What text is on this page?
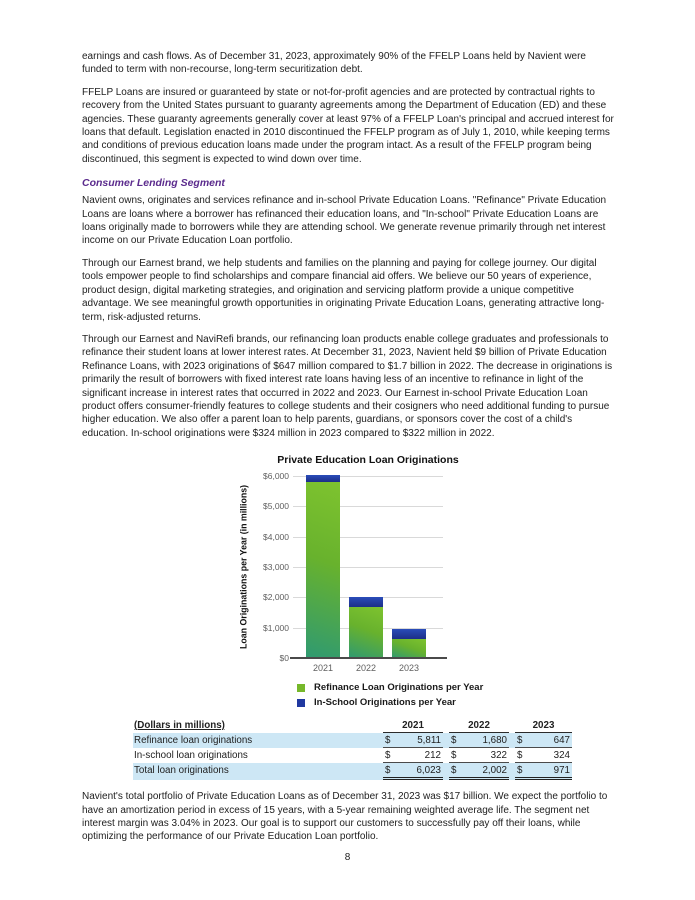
earnings and cash flows. As of December 31, 2023, approximately 90% of the FFELP Loans held by Navient were funded to term with non-recourse, long-term securitization debt.

FFELP Loans are insured or guaranteed by state or not-for-profit agencies and are protected by contractual rights to recovery from the United States pursuant to guaranty agreements among the Department of Education (ED) and these agencies. These guaranty agreements generally cover at least 97% of a FFELP Loan's principal and accrued interest for loans that default. Legislation enacted in 2010 discontinued the FFELP program as of July 1, 2010, while keeping terms and conditions of previous education loans made under the program intact. As a result of the FFELP program being discontinued, this segment is expected to wind down over time.

Consumer Lending Segment

Navient owns, originates and services refinance and in-school Private Education Loans. "Refinance" Private Education Loans are loans where a borrower has refinanced their education loans, and "In-school" Private Education Loans are loans originally made to borrowers while they are attending school. We generate revenue primarily through net interest income on our Private Education Loan portfolio.

Through our Earnest brand, we help students and families on the planning and paying for college journey. Our digital tools empower people to find scholarships and compare financial aid offers. We believe our 50 years of experience, product design, digital marketing strategies, and origination and servicing platform provide a unique competitive advantage. We see meaningful growth opportunities in originating Private Education Loans, generating attractive long-term, risk-adjusted returns.

Through our Earnest and NaviRefi brands, our refinancing loan products enable college graduates and professionals to refinance their student loans at lower interest rates. At December 31, 2023, Navient held $9 billion of Private Education Refinance Loans, with 2023 originations of $647 million compared to $1.7 billion in 2022. The decrease in originations is primarily the result of borrowers with fixed interest rate loans having less of an incentive to refinance in light of the significant increase in interest rates that occurred in 2022 and 2023. Our Earnest in-school Private Education Loan product offers consumer-friendly features to college students and their cosigners who need additional funding to pursue higher education. We also offer a parent loan to help parents, guardians, or sponsors cover the cost of a child's education. In-school originations were $324 million in 2023 compared to $322 million in 2022.

Private Education Loan Originations
Loan Originations per Year (in millions)
$0
$1,000
$2,000
$3,000
$4,000
$5,000
$6,000
2021	2022	2023
Refinance Loan Originations per Year
In-School Originations per Year
(Dollars in millions)	2021	2022	2023
Refinance loan originations	$	5,811 $	1,680 $	647
In-school loan originations	$	212 $	322 $	324
Total loan originations	$	6,023 $	2,002 $	971

Navient's total portfolio of Private Education Loans as of December 31, 2023 was $17 billion. We expect the portfolio to have an amortization period in excess of 15 years, with a 5-year remaining weighted average life. The segment net interest margin was 3.04% in 2023. Our goal is to support our customers to successfully pay off their loans, while optimizing the performance of our Private Education Loan portfolio.

8
